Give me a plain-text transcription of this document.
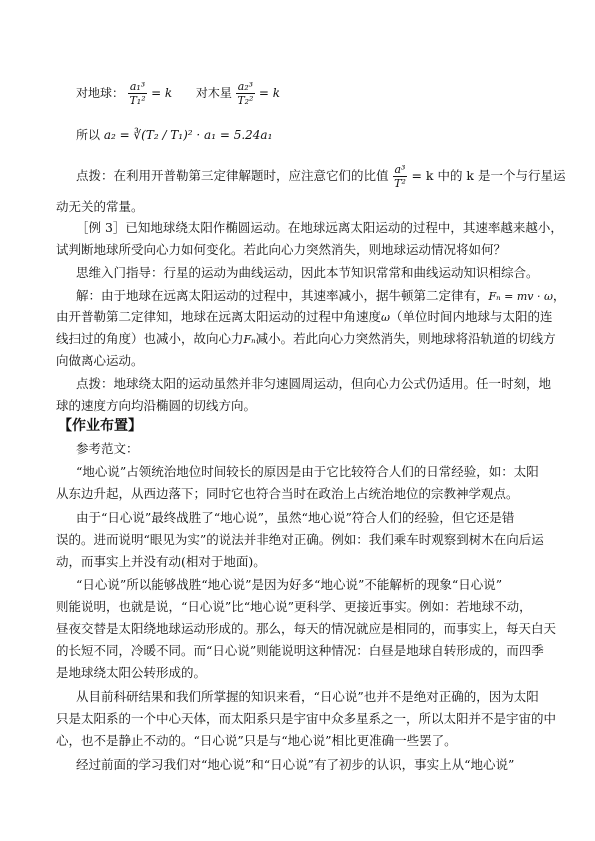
对地球： $\frac{\text{a₁³}}{\text{T₁²}} = k$ 对木星 $\frac{\text{a₂³}}{\text{T₂²}} = k$
所以 a₂ = ∛(T₂ / T₁)² · a₁ = 5.24a₁
点拨：在利用开普勒第三定律解题时，应注意它们的比值 $\frac{\text{a³}}{\text{T²}} = k$ 中的 k 是一个与行星运
动无关的常量。
［例 3］已知地球绕太阳作椭圆运动。在地球远离太阳运动的过程中，其速率越来越小，
试判断地球所受向心力如何变化。若此向心力突然消失，则地球运动情况将如何？
思维入门指导：行星的运动为曲线运动，因此本节知识常常和曲线运动知识相综合。
解：由于地球在远离太阳运动的过程中，其速率减小，据牛顿第二定律有，Fₙ = mv · ω，
由开普勒第二定律知，地球在远离太阳运动的过程中角速度ω（单位时间内地球与太阳的连
线扫过的角度）也减小，故向心力Fₙ减小。若此向心力突然消失，则地球将沿轨道的切线方
向做离心运动。
点拨：地球绕太阳的运动虽然并非匀速圆周运动，但向心力公式仍适用。任一时刻，地
球的速度方向均沿椭圆的切线方向。
【作业布置】
参考范文：
“地心说”占领统治地位时间较长的原因是由于它比较符合人们的日常经验，如：太阳
从东边升起，从西边落下；同时它也符合当时在政治上占统治地位的宗教神学观点。
由于“日心说”最终战胜了“地心说”，虽然“地心说”符合人们的经验，但它还是错
误的。进而说明“眼见为实”的说法并非绝对正确。例如：我们乘车时观察到树木在向后运
动，而事实上并没有动(相对于地面)。
“日心说”所以能够战胜“地心说”是因为好多“地心说”不能解析的现象“日心说”
则能说明，也就是说，“日心说”比“地心说”更科学、更接近事实。例如：若地球不动，
昼夜交替是太阳绕地球运动形成的。那么，每天的情况就应是相同的，而事实上，每天白天
的长短不同，冷暖不同。而“日心说”则能说明这种情况：白昼是地球自转形成的，而四季
是地球绕太阳公转形成的。
从目前科研结果和我们所掌握的知识来看，“日心说”也并不是绝对正确的，因为太阳
只是太阳系的一个中心天体，而太阳系只是宇宙中众多星系之一，所以太阳并不是宇宙的中
心，也不是静止不动的。“日心说”只是与“地心说”相比更准确一些罢了。
经过前面的学习我们对“地心说”和“日心说”有了初步的认识，事实上从“地心说”
